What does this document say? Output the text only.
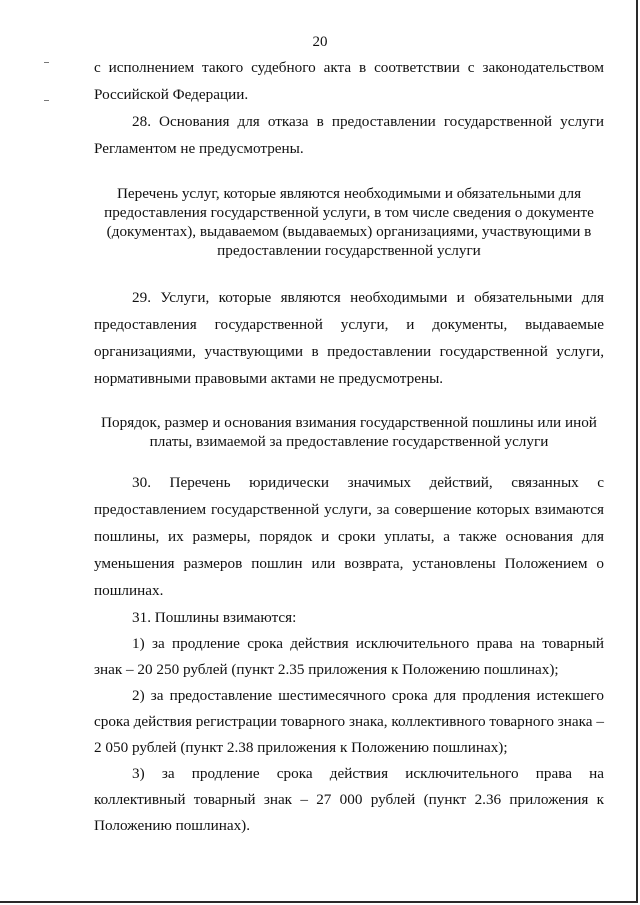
20

с исполнением такого судебного акта в соответствии с законодательством Российской Федерации.

28. Основания для отказа в предоставлении государственной услуги Регламентом не предусмотрены.

Перечень услуг, которые являются необходимыми и обязательными для предоставления государственной услуги, в том числе сведения о документе (документах), выдаваемом (выдаваемых) организациями, участвующими в предоставлении государственной услуги

29. Услуги, которые являются необходимыми и обязательными для предоставления государственной услуги, и документы, выдаваемые организациями, участвующими в предоставлении государственной услуги, нормативными правовыми актами не предусмотрены.

Порядок, размер и основания взимания государственной пошлины или иной платы, взимаемой за предоставление государственной услуги

30. Перечень юридически значимых действий, связанных с предоставлением государственной услуги, за совершение которых взимаются пошлины, их размеры, порядок и сроки уплаты, а также основания для уменьшения размеров пошлин или возврата, установлены Положением о пошлинах.

31. Пошлины взимаются:

1) за продление срока действия исключительного права на товарный знак – 20 250 рублей (пункт 2.35 приложения к Положению пошлинах);

2) за предоставление шестимесячного срока для продления истекшего срока действия регистрации товарного знака, коллективного товарного знака – 2 050 рублей (пункт 2.38 приложения к Положению пошлинах);

3) за продление срока действия исключительного права на коллективный товарный знак – 27 000 рублей (пункт 2.36 приложения к Положению пошлинах).
